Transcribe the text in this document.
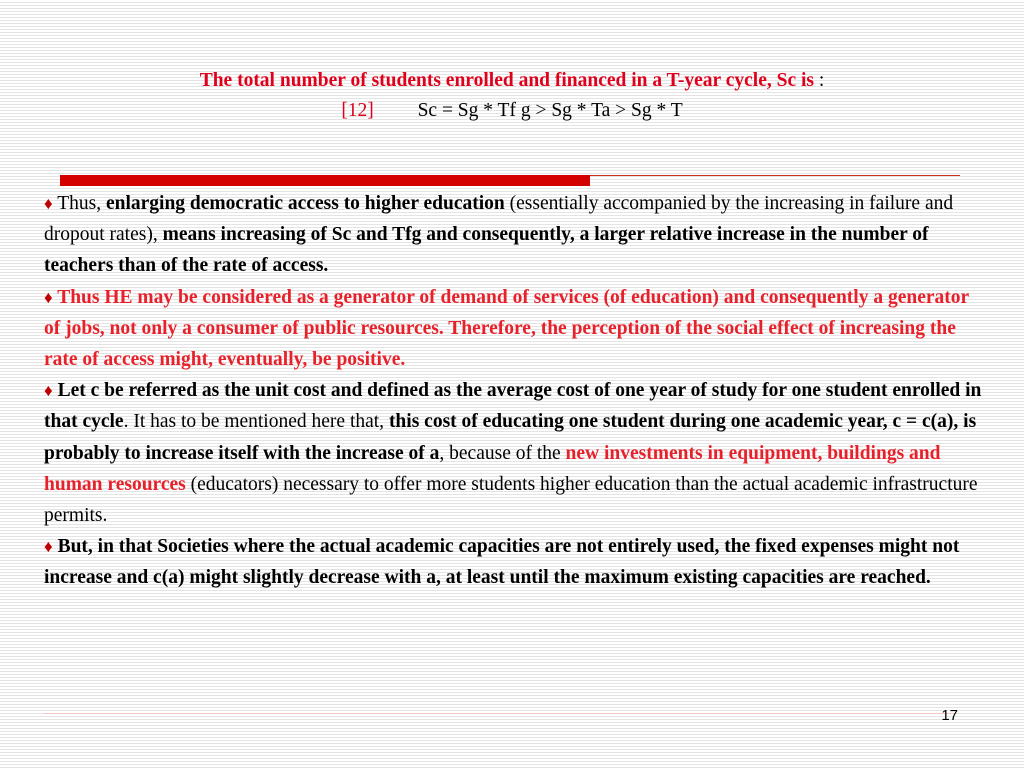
The total number of students enrolled and financed in a T-year cycle, Sc is :
[12] Sc = Sg * Tf g > Sg * Ta > Sg * T

♦ Thus, enlarging democratic access to higher education (essentially accompanied by the increasing in failure and dropout rates), means increasing of Sc and Tfg and consequently, a larger relative increase in the number of teachers than of the rate of access.

♦ Thus HE may be considered as a generator of demand of services (of education) and consequently a generator of jobs, not only a consumer of public resources. Therefore, the perception of the social effect of increasing the rate of access might, eventually, be positive.

♦ Let c be referred as the unit cost and defined as the average cost of one year of study for one student enrolled in that cycle. It has to be mentioned here that, this cost of educating one student during one academic year, c = c(a), is probably to increase itself with the increase of a, because of the new investments in equipment, buildings and human resources (educators) necessary to offer more students higher education than the actual academic infrastructure permits.

♦ But, in that Societies where the actual academic capacities are not entirely used, the fixed expenses might not increase and c(a) might slightly decrease with a, at least until the maximum existing capacities are reached.

17
